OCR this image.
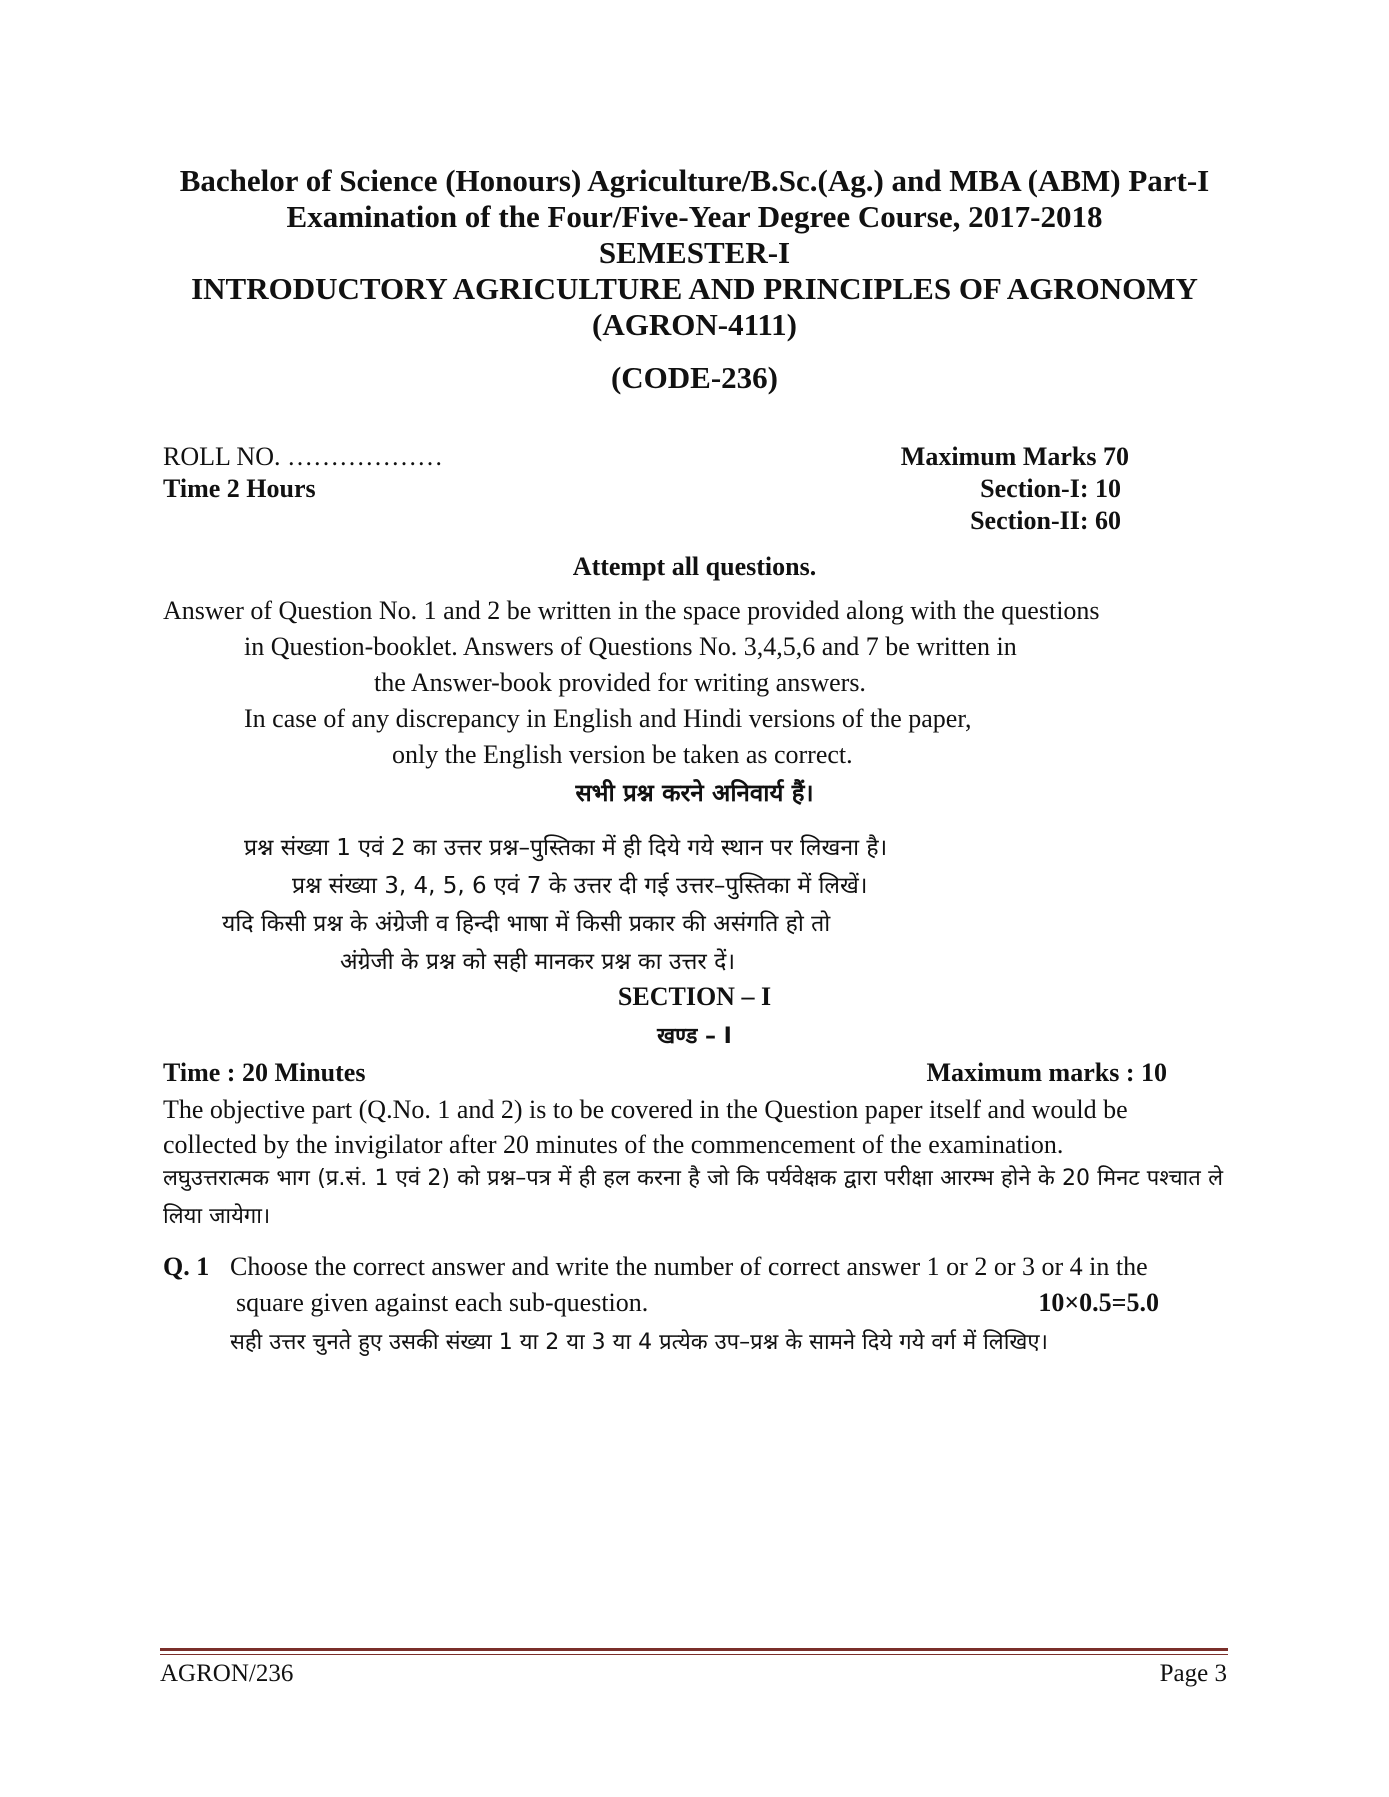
Bachelor of Science (Honours) Agriculture/B.Sc.(Ag.) and MBA (ABM) Part-I
Examination of the Four/Five-Year Degree Course, 2017-2018
SEMESTER-I
INTRODUCTORY AGRICULTURE AND PRINCIPLES OF AGRONOMY
(AGRON-4111)
(CODE-236)
ROLL NO. ………………	Maximum Marks 70
Time 2 Hours	Section-I: 10
Section-II: 60
Attempt all questions.
Answer of Question No. 1 and 2 be written in the space provided along with the questions
in Question-booklet. Answers of Questions No. 3,4,5,6 and 7 be written in
the Answer-book provided for writing answers.
In case of any discrepancy in English and Hindi versions of the paper,
only the English version be taken as correct.
सभी प्रश्न करने अनिवार्य हैं।
प्रश्न संख्या 1 एवं 2 का उत्तर प्रश्न–पुस्तिका में ही दिये गये स्थान पर लिखना है।
प्रश्न संख्या 3, 4, 5, 6 एवं 7 के उत्तर दी गई उत्तर–पुस्तिका में लिखें।
यदि किसी प्रश्न के अंग्रेजी व हिन्दी भाषा में किसी प्रकार की असंगति हो तो
अंग्रेजी के प्रश्न को सही मानकर प्रश्न का उत्तर दें।
SECTION – I
खण्ड – I
Time : 20 Minutes	Maximum marks : 10
The objective part (Q.No. 1 and 2) is to be covered in the Question paper itself and would be collected by the invigilator after 20 minutes of the commencement of the examination.
लघुउत्तरात्मक भाग (प्र.सं. 1 एवं 2) को प्रश्न–पत्र में ही हल करना है जो कि पर्यवेक्षक द्वारा परीक्षा आरम्भ होने के 20 मिनट पश्चात ले लिया जायेगा।
Q. 1 Choose the correct answer and write the number of correct answer 1 or 2 or 3 or 4 in the
square given against each sub-question.	10×0.5=5.0
सही उत्तर चुनते हुए उसकी संख्या 1 या 2 या 3 या 4 प्रत्येक उप–प्रश्न के सामने दिये गये वर्ग में लिखिए।
AGRON/236	Page 3
